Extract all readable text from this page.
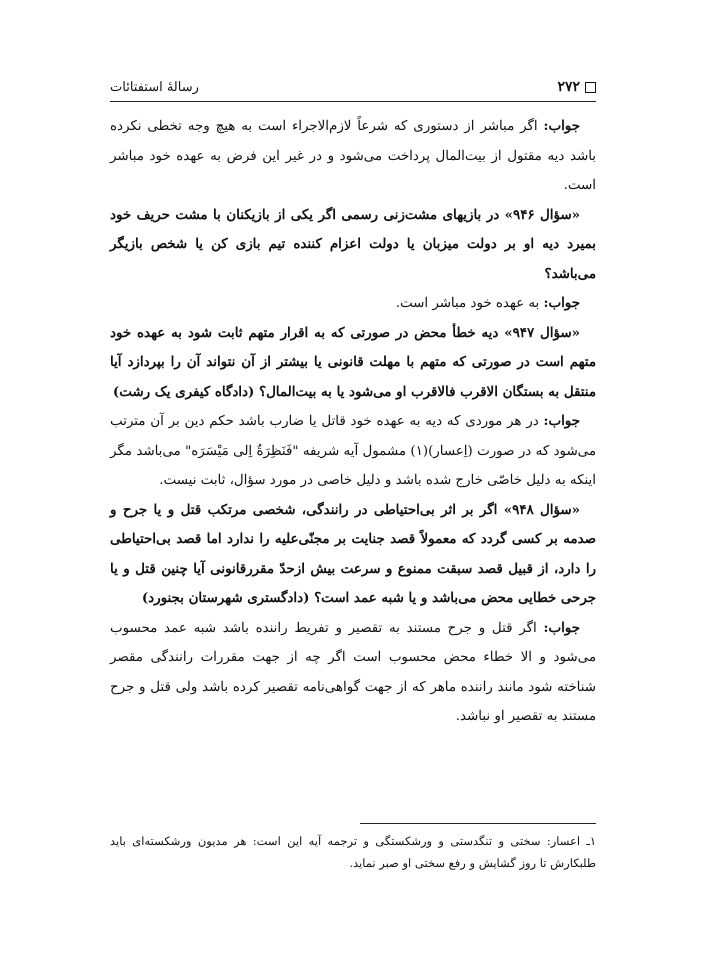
۲۷۲
رسالهٔ استفتائات

جواب: اگر مباشر از دستوری که شرعاً لازم‌الاجراء است به هیچ وجه تخطی نکرده باشد دیه مقتول از بیت‌المال پرداخت می‌شود و در غیر این فرض به عهده خود مباشر است.

«سؤال ۹۴۶» در بازیهای مشت‌زنی رسمی اگر یکی از بازیکنان با مشت حریف خود بمیرد دیه او بر دولت میزبان یا دولت اعزام کننده تیم بازی کن یا شخص بازیگر می‌باشد؟

جواب: به عهده خود مباشر است.

«سؤال ۹۴۷» دیه خطأ محض در صورتی که به اقرار متهم ثابت شود به عهده خود متهم است در صورتی که متهم با مهلت قانونی یا بیشتر از آن نتواند آن را بپردازد آیا منتقل به بستگان الاقرب فالاقرب او می‌شود یا به بیت‌المال؟ (دادگاه کیفری یک رشت)

جواب: در هر موردی که دیه به عهده خود قاتل یا ضارب باشد حکم دین بر آن مترتب می‌شود که در صورت (اِعسار)(۱) مشمول آیه شریفه "فَنَظِرَةٌ اِلی مَیْسَرَه" می‌باشد مگر اینکه به دلیل خاصّی خارج شده باشد و دلیل خاصی در مورد سؤال، ثابت نیست.

«سؤال ۹۴۸» اگر بر اثر بی‌احتیاطی در رانندگی، شخصی مرتکب قتل و یا جرح و صدمه بر کسی گردد که معمولاً قصد جنایت بر مجنّی‌علیه را ندارد اما قصد بی‌احتیاطی را دارد، از قبیل قصد سبقت ممنوع و سرعت بیش ازحدّ مقررقانونی آیا چنین قتل و یا جرحی خطایی محض می‌باشد و یا شبه عمد است؟ (دادگستری شهرستان بجنورد)

جواب: اگر قتل و جرح مستند به تقصیر و تفریط راننده باشد شبه عمد محسوب می‌شود و الا خطاء محض محسوب است اگر چه از جهت مقررات رانندگی مقصر شناخته شود مانند راننده ماهر که از جهت گواهی‌نامه تقصیر کرده باشد ولی قتل و جرح مستند به تقصیر او نباشد.

۱ـ اعسار: سختی و تنگدستی و ورشکستگی و ترجمه آیه این است: هر مدیون ورشکسته‌ای باید طلبکارش تا روز گشایش و رفع سختی او صبر نماید.
